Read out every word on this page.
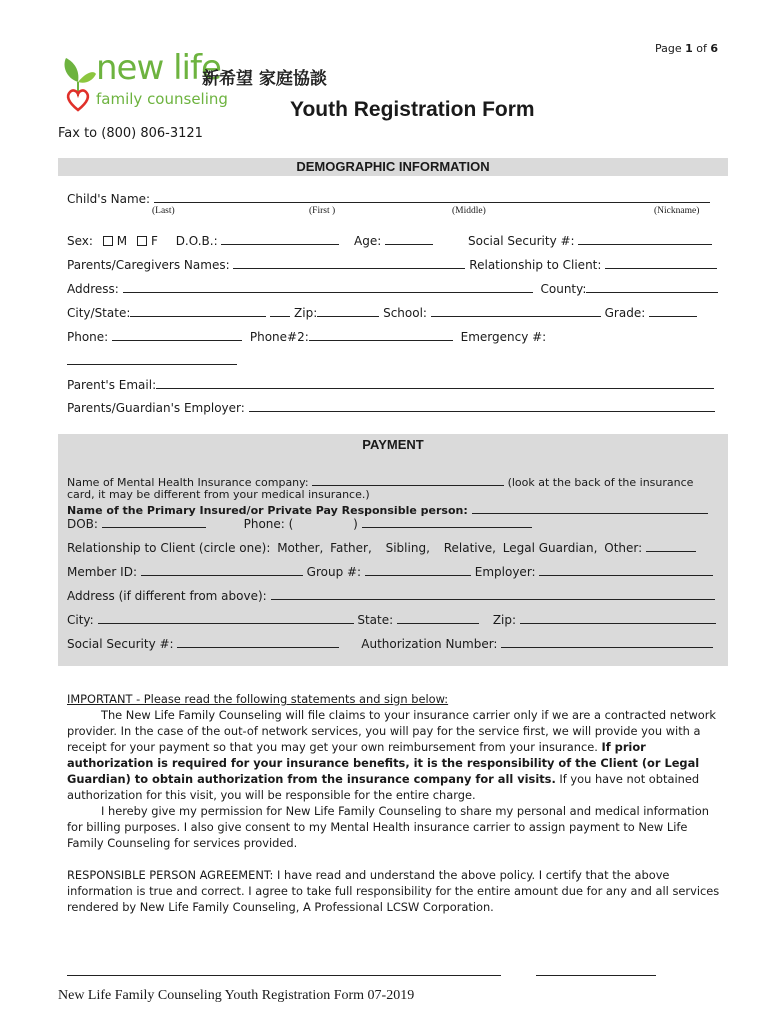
Page 1 of 6
new life
family counseling
新希望 家庭協談
Youth Registration Form
Fax to (800) 806-3121
DEMOGRAPHIC INFORMATION
Child's Name:
(Last)	(First )	(Middle)	(Nickname)
Sex: M F D.O.B.:	Age:	Social Security #:
Parents/Caregivers Names:	Relationship to Client:
Address:	County:
City/State:	Zip:	School:	Grade:
Phone:	Phone#2:	Emergency #:
Parent's Email:
Parents/Guardian's Employer:
PAYMENT
Name of Mental Health Insurance company:	(look at the back of the insurance
card, it may be different from your medical insurance.)
Name of the Primary Insured/or Private Pay Responsible person:
DOB:	Phone: (	)
Relationship to Client (circle one): Mother, Father, Sibling, Relative, Legal Guardian, Other:
Member ID:	Group #:	Employer:
Address (if different from above):
City:	State:	Zip:
Social Security #:	Authorization Number:

IMPORTANT - Please read the following statements and sign below:

The New Life Family Counseling will file claims to your insurance carrier only if we are a contracted network provider. In the case of the out-of network services, you will pay for the service first, we will provide you with a receipt for your payment so that you may get your own reimbursement from your insurance. If prior authorization is required for your insurance benefits, it is the responsibility of the Client (or Legal Guardian) to obtain authorization from the insurance company for all visits. If you have not obtained authorization for this visit, you will be responsible for the entire charge.

I hereby give my permission for New Life Family Counseling to share my personal and medical information for billing purposes. I also give consent to my Mental Health insurance carrier to assign payment to New Life Family Counseling for services provided.

RESPONSIBLE PERSON AGREEMENT: I have read and understand the above policy. I certify that the above information is true and correct. I agree to take full responsibility for the entire amount due for any and all services rendered by New Life Family Counseling, A Professional LCSW Corporation.
New Life Family Counseling Youth Registration Form 07-2019
